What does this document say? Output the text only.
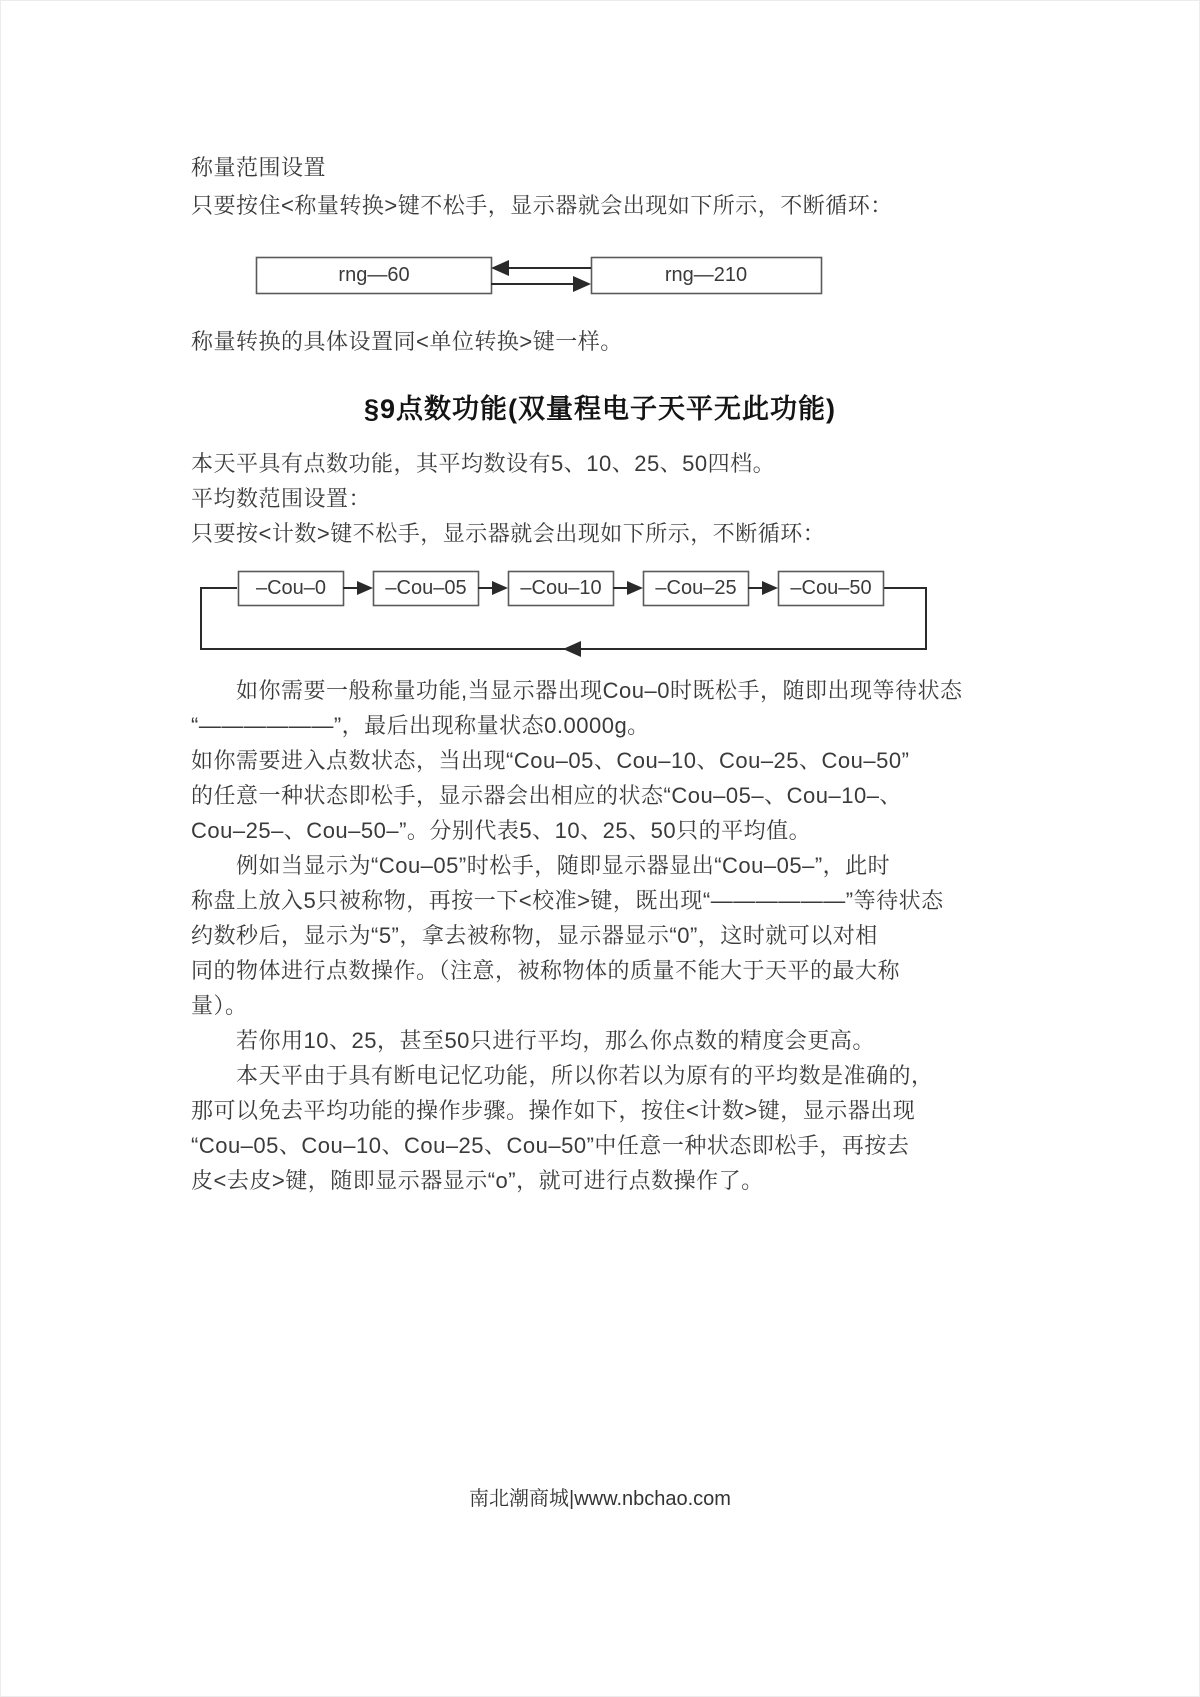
称量范围设置
只要按住<称量转换>键不松手，显示器就会出现如下所示，不断循环：
rng—60	rng—210
称量转换的具体设置同<单位转换>键一样。
§9点数功能(双量程电子天平无此功能)
本天平具有点数功能，其平均数设有5、10、25、50四档。
平均数范围设置：
只要按<计数>键不松手，显示器就会出现如下所示，不断循环：
–Cou–0	–Cou–05	–Cou–10	–Cou–25	–Cou–50
　　如你需要一般称量功能,当显示器出现Cou–0时既松手，随即出现等待状态
“——————”，最后出现称量状态0.0000g。
如你需要进入点数状态，当出现“Cou–05、Cou–10、Cou–25、Cou–50”
的任意一种状态即松手，显示器会出相应的状态“Cou–05–、Cou–10–、
Cou–25–、Cou–50–”。分别代表5、10、25、50只的平均值。
　　例如当显示为“Cou–05”时松手，随即显示器显出“Cou–05–”，此时
称盘上放入5只被称物，再按一下<校准>键，既出现“——————”等待状态
约数秒后，显示为“5”，拿去被称物，显示器显示“0”，这时就可以对相
同的物体进行点数操作。（注意，被称物体的质量不能大于天平的最大称
量）。
　　若你用10、25，甚至50只进行平均，那么你点数的精度会更高。
　　本天平由于具有断电记忆功能，所以你若以为原有的平均数是准确的，
那可以免去平均功能的操作步骤。操作如下，按住<计数>键，显示器出现
“Cou–05、Cou–10、Cou–25、Cou–50”中任意一种状态即松手，再按去
皮<去皮>键，随即显示器显示“o”，就可进行点数操作了。
南北潮商城|www.nbchao.com
